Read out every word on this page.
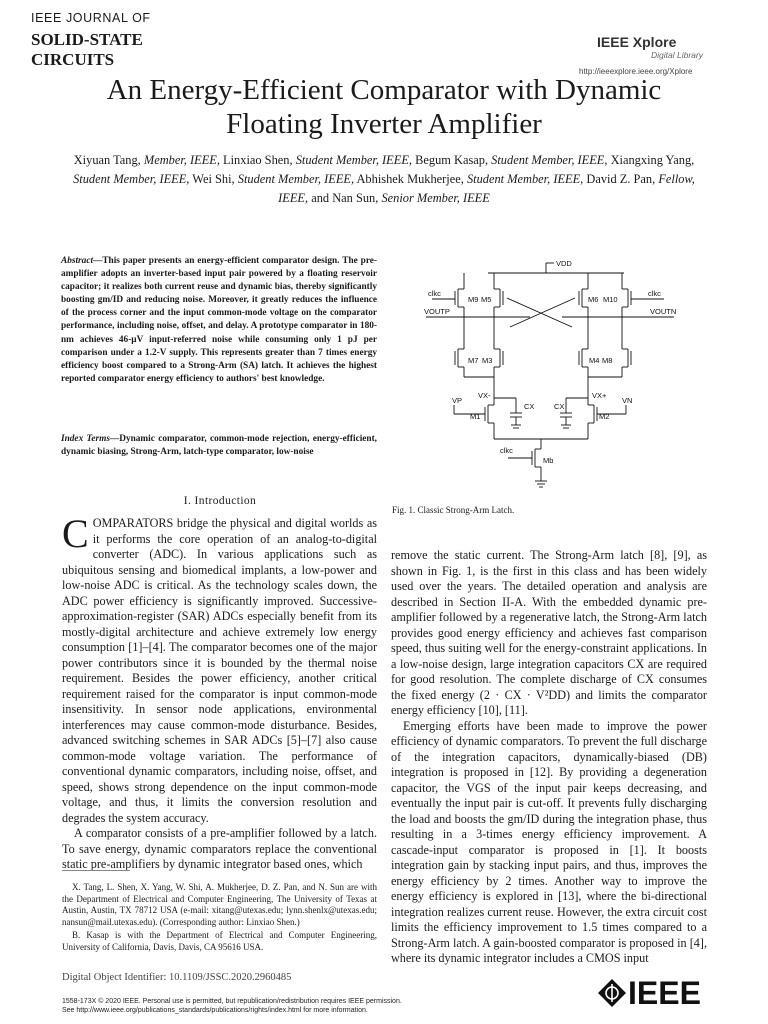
IEEE JOURNAL OF
SOLID-STATE
CIRCUITS
IEEE Xplore
Digital Library
http://ieeexplore.ieee.org/Xplore
An Energy-Efficient Comparator with Dynamic
Floating Inverter Amplifier
Xiyuan Tang, Member, IEEE, Linxiao Shen, Student Member, IEEE, Begum Kasap, Student Member, IEEE, Xiangxing Yang, Student Member, IEEE, Wei Shi, Student Member, IEEE, Abhishek Mukherjee, Student Member, IEEE, David Z. Pan, Fellow, IEEE, and Nan Sun, Senior Member, IEEE
Abstract—This paper presents an energy-efficient comparator design. The pre-amplifier adopts an inverter-based input pair powered by a floating reservoir capacitor; it realizes both current reuse and dynamic bias, thereby significantly boosting gm/ID and reducing noise. Moreover, it greatly reduces the influence of the process corner and the input common-mode voltage on the comparator performance, including noise, offset, and delay. A prototype comparator in 180-nm achieves 46-μV input-referred noise while consuming only 1 pJ per comparison under a 1.2-V supply. This represents greater than 7 times energy efficiency boost compared to a Strong-Arm (SA) latch. It achieves the highest reported comparator energy efficiency to authors' best knowledge.
Index Terms—Dynamic comparator, common-mode rejection, energy-efficient, dynamic biasing, Strong-Arm, latch-type comparator, low-noise
VDD
M9 M5	M6 M10
clkc	clkc
VOUTP	VOUTN
M7 M3	M4 M8
VX-	VX+
CX	CX
M1	M2
VP	VN
Mb
clkc
Fig. 1. Classic Strong-Arm Latch.
I. Introduction

COMPARATORS bridge the physical and digital worlds as it performs the core operation of an analog-to-digital converter (ADC). In various applications such as ubiquitous sensing and biomedical implants, a low-power and low-noise ADC is critical. As the technology scales down, the ADC power efficiency is significantly improved. Successive-approximation-register (SAR) ADCs especially benefit from its mostly-digital architecture and achieve extremely low energy consumption [1]–[4]. The comparator becomes one of the major power contributors since it is bounded by the thermal noise requirement. Besides the power efficiency, another critical requirement raised for the comparator is input common-mode insensitivity. In sensor node applications, environmental interferences may cause common-mode disturbance. Besides, advanced switching schemes in SAR ADCs [5]–[7] also cause common-mode voltage variation. The performance of conventional dynamic comparators, including noise, offset, and speed, shows strong dependence on the input common-mode voltage, and thus, it limits the conversion resolution and degrades the system accuracy.

A comparator consists of a pre-amplifier followed by a latch. To save energy, dynamic comparators replace the conventional static pre-amplifiers by dynamic integrator based ones, which

X. Tang, L. Shen, X. Yang, W. Shi, A. Mukherjee, D. Z. Pan, and N. Sun are with the Department of Electrical and Computer Engineering, The University of Texas at Austin, Austin, TX 78712 USA (e-mail: xitang@utexas.edu; lynn.shenlx@utexas.edu; nansun@mail.utexas.edu). (Corresponding author: Linxiao Shen.)

B. Kasap is with the Department of Electrical and Computer Engineering, University of California, Davis, Davis, CA 95616 USA.

Digital Object Identifier: 10.1109/JSSC.2020.2960485

remove the static current. The Strong-Arm latch [8], [9], as shown in Fig. 1, is the first in this class and has been widely used over the years. The detailed operation and analysis are described in Section II-A. With the embedded dynamic pre-amplifier followed by a regenerative latch, the Strong-Arm latch provides good energy efficiency and achieves fast comparison speed, thus suiting well for the energy-constraint applications. In a low-noise design, large integration capacitors CX are required for good resolution. The complete discharge of CX consumes the fixed energy (2 · CX · V²DD) and limits the comparator energy efficiency [10], [11].

Emerging efforts have been made to improve the power efficiency of dynamic comparators. To prevent the full discharge of the integration capacitors, dynamically-biased (DB) integration is proposed in [12]. By providing a degeneration capacitor, the VGS of the input pair keeps decreasing, and eventually the input pair is cut-off. It prevents fully discharging the load and boosts the gm/ID during the integration phase, thus resulting in a 3-times energy efficiency improvement. A cascade-input comparator is proposed in [1]. It boosts integration gain by stacking input pairs, and thus, improves the energy efficiency by 2 times. Another way to improve the energy efficiency is explored in [13], where the bi-directional integration realizes current reuse. However, the extra circuit cost limits the efficiency improvement to 1.5 times compared to a Strong-Arm latch. A gain-boosted comparator is proposed in [4], where its dynamic integrator includes a CMOS input

1558-173X © 2020 IEEE. Personal use is permitted, but republication/redistribution requires IEEE permission.
See http://www.ieee.org/publications_standards/publications/rights/index.html for more information.	IEEE
